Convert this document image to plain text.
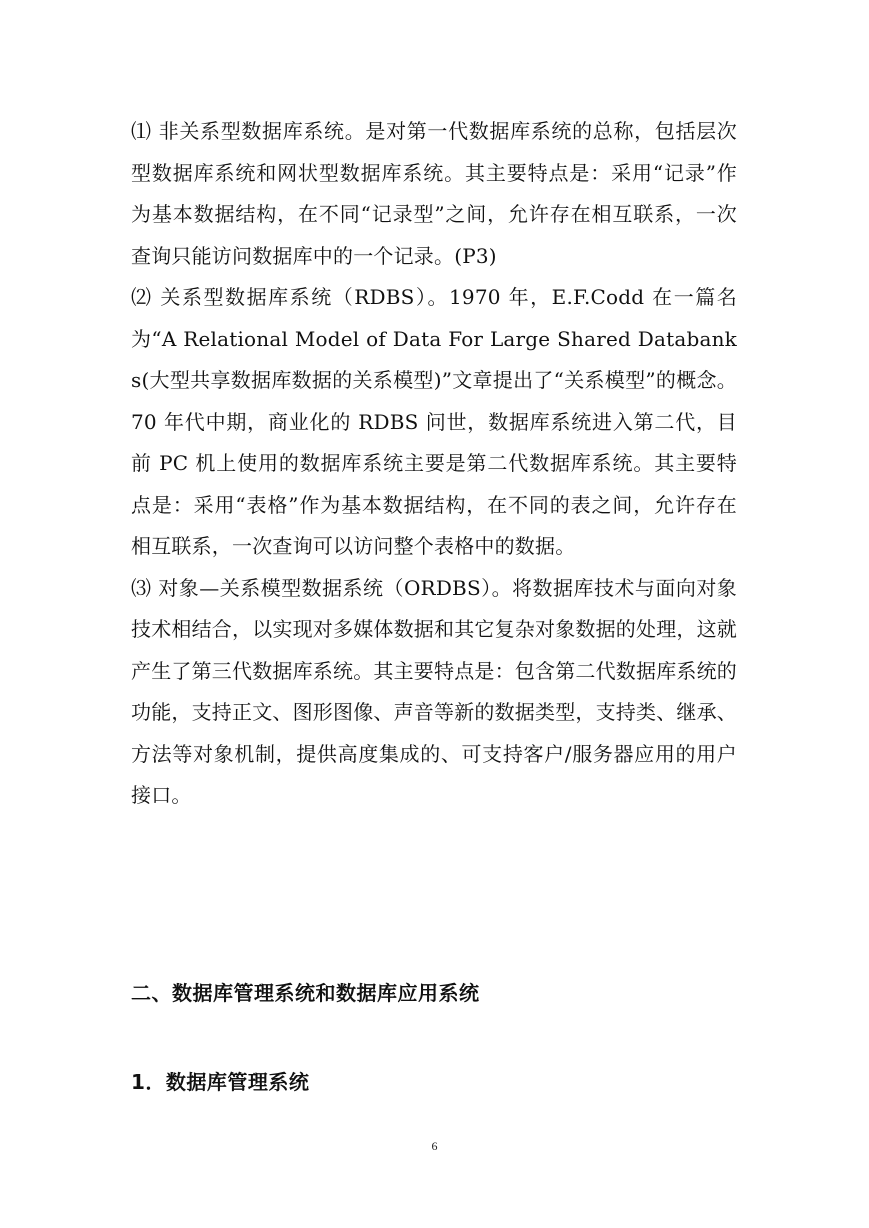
⑴ 非关系型数据库系统。是对第一代数据库系统的总称，包括层次型数据库系统和网状型数据库系统。其主要特点是：采用“记录”作为基本数据结构，在不同“记录型”之间，允许存在相互联系，一次查询只能访问数据库中的一个记录。(P3)

⑵ 关系型数据库系统（RDBS）。1970 年，E.F.Codd 在一篇名为“A Relational Model of Data For Large Shared Databanks(大型共享数据库数据的关系模型)”文章提出了“关系模型”的概念。70 年代中期，商业化的 RDBS 问世，数据库系统进入第二代，目前 PC 机上使用的数据库系统主要是第二代数据库系统。其主要特点是：采用“表格”作为基本数据结构，在不同的表之间，允许存在相互联系，一次查询可以访问整个表格中的数据。

⑶ 对象—关系模型数据系统（ORDBS）。将数据库技术与面向对象技术相结合，以实现对多媒体数据和其它复杂对象数据的处理，这就产生了第三代数据库系统。其主要特点是：包含第二代数据库系统的功能，支持正文、图形图像、声音等新的数据类型，支持类、继承、方法等对象机制，提供高度集成的、可支持客户/服务器应用的用户接口。

二、数据库管理系统和数据库应用系统
1．数据库管理系统
6
